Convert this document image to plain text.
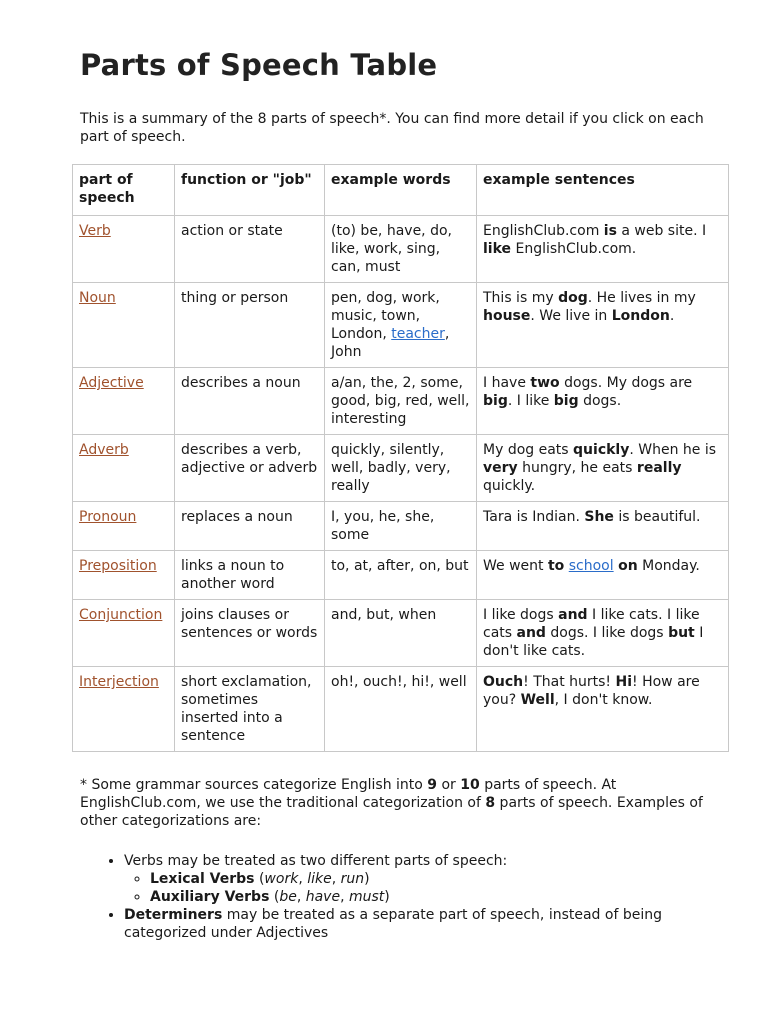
Parts of Speech Table

This is a summary of the 8 parts of speech*. You can find more detail if you click on each part of speech.

part of speech	function or "job"	example words	example sentences
Verb	action or state	(to) be, have, do, like, work, sing, can, must	EnglishClub.com is a web site. I like EnglishClub.com.
Noun	thing or person	pen, dog, work, music, town, London, teacher, John	This is my dog. He lives in my house. We live in London.
Adjective	describes a noun	a/an, the, 2, some, good, big, red, well, interesting	I have two dogs. My dogs are big. I like big dogs.
Adverb	describes a verb, adjective or adverb	quickly, silently, well, badly, very, really	My dog eats quickly. When he is very hungry, he eats really quickly.
Pronoun	replaces a noun	I, you, he, she, some	Tara is Indian. She is beautiful.
Preposition	links a noun to another word	to, at, after, on, but	We went to school on Monday.
Conjunction	joins clauses or sentences or words	and, but, when	I like dogs and I like cats. I like cats and dogs. I like dogs but I don't like cats.
Interjection	short exclamation, sometimes inserted into a sentence	oh!, ouch!, hi!, well	Ouch! That hurts! Hi! How are you? Well, I don't know.

* Some grammar sources categorize English into 9 or 10 parts of speech. At EnglishClub.com, we use the traditional categorization of 8 parts of speech. Examples of other categorizations are:

• Verbs may be treated as two different parts of speech:
◦ Lexical Verbs (work, like, run)
◦ Auxiliary Verbs (be, have, must)
• Determiners may be treated as a separate part of speech, instead of being categorized under Adjectives
